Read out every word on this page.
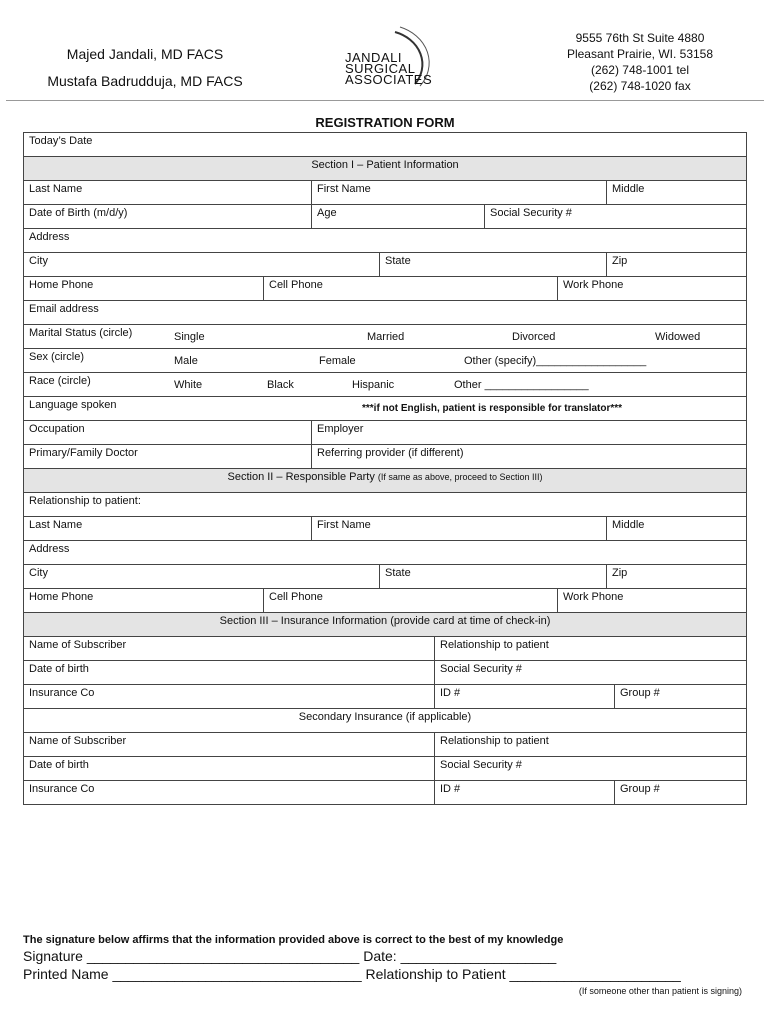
Majed Jandali, MD FACS
Mustafa Badrudduja, MD FACS
JANDALI
SURGICAL
ASSOCIATES
9555 76th St Suite 4880
Pleasant Prairie, WI. 53158
(262) 748-1001 tel
(262) 748-1020 fax
REGISTRATION FORM
Today’s Date								
Section I – Patient Information								
Last Name		First Name					Middle	
Date of Birth (m/d/y)		Age			Social Security #			
Address								
City			State				Zip	
Home Phone	Cell Phone					Work Phone		
Email address								

Marital Status (circle) Single Married Divorced Widowed								

Sex (circle) Male Female Other (specify)__________________								

Race (circle) White Black Hispanic Other _________________								

Language spoken ***if not English, patient is responsible for translator***								

Occupation		Employer						
Primary/Family Doctor		Referring provider (if different)						
Section II – Responsible Party (If same as above, proceed to Section III)								
Relationship to patient:								
Last Name		First Name					Middle	
Address								
City			State				Zip	
Home Phone	Cell Phone					Work Phone		
Section III – Insurance Information (provide card at time of check-in)								
Name of Subscriber				Relationship to patient				
Date of birth				Social Security #				
Insurance Co				ID #				Group #
Secondary Insurance (if applicable)								
Name of Subscriber				Relationship to patient				
Date of birth				Social Security #				
Insurance Co				ID #				Group #
The signature below affirms that the information provided above is correct to the best of my knowledge
Signature ___________________________________ Date: ____________________
Printed Name ________________________________ Relationship to Patient ______________________
(If someone other than patient is signing)
